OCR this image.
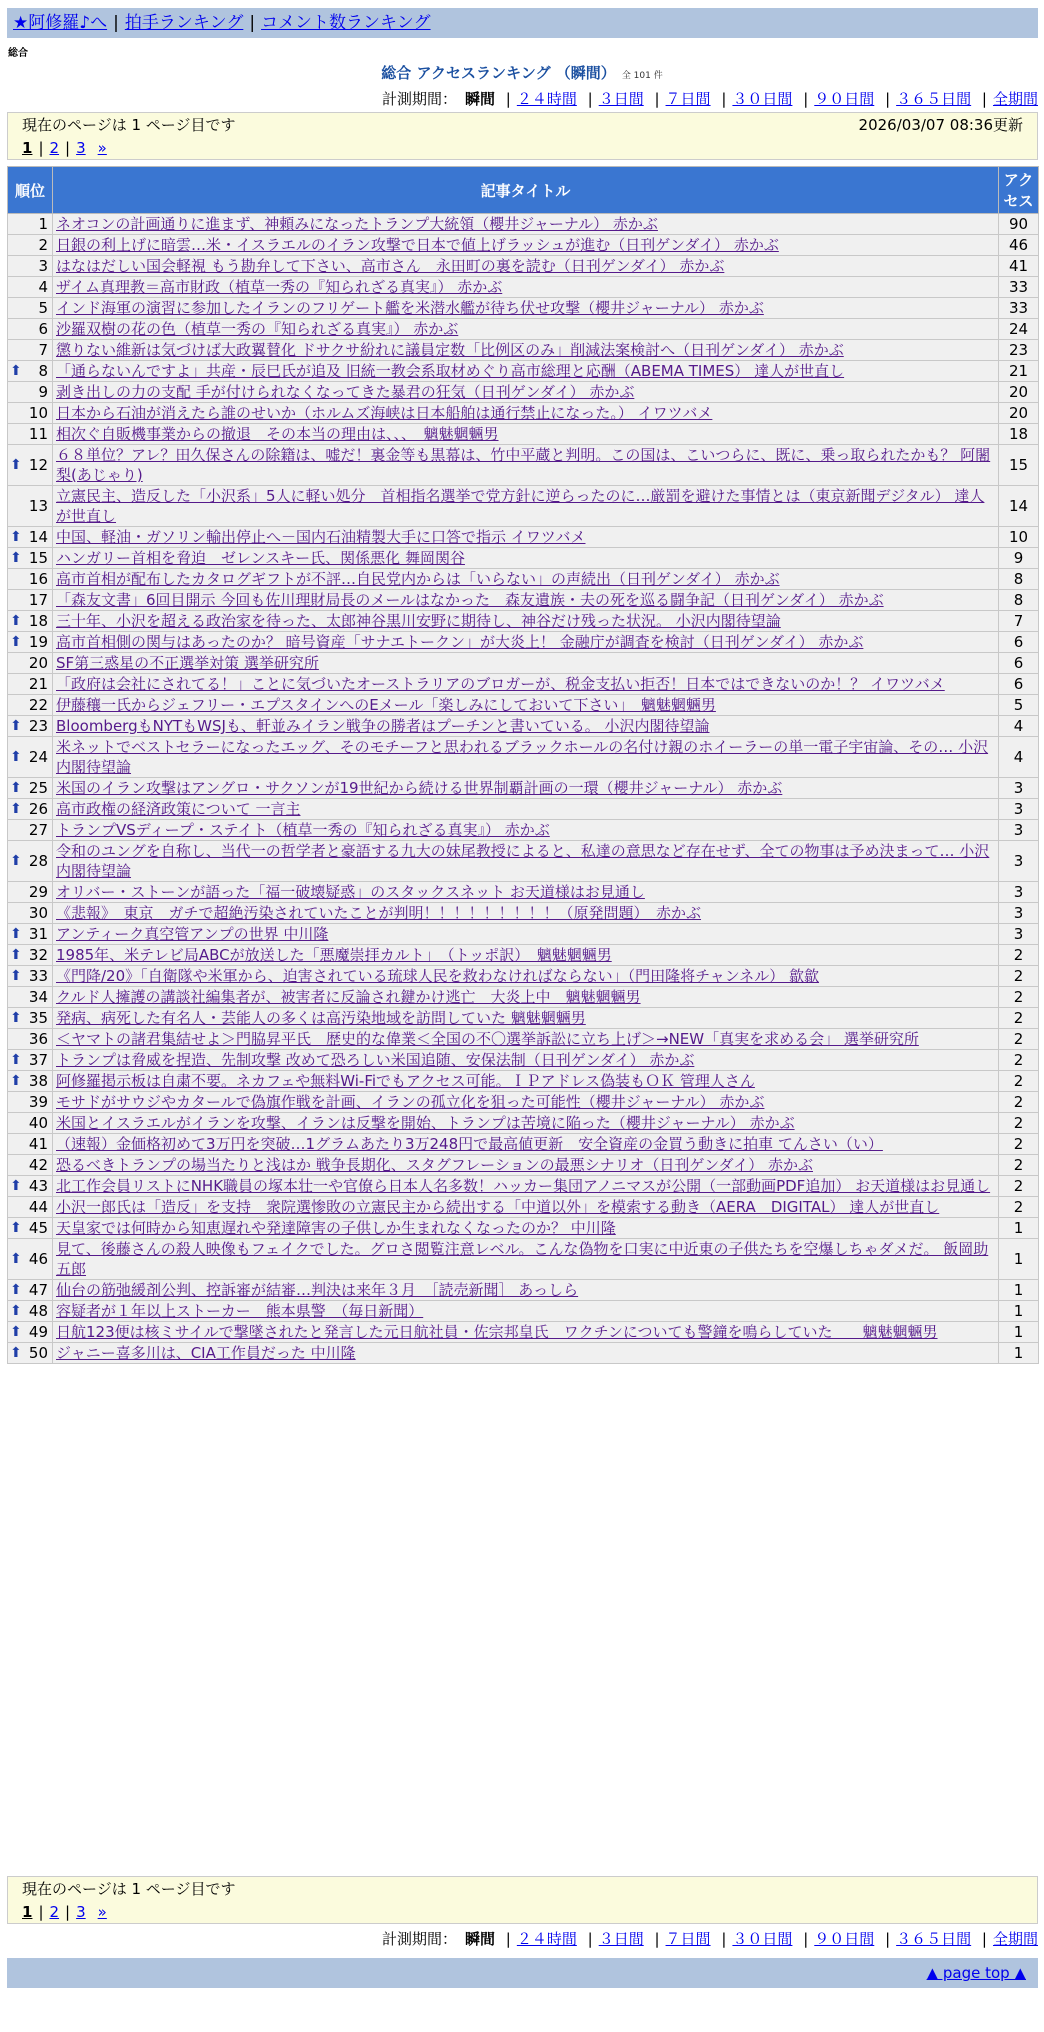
★阿修羅♪へ | 拍手ランキング | コメント数ランキング
総合
総合 アクセスランキング （瞬間） 全 101 件
計測期間： 瞬間 | ２４時間 | ３日間 | ７日間 | ３０日間 | ９０日間 | ３６５日間 | 全期間
現在のページは 1 ページ目です	2026/03/07 08:36更新
1 | 2 | 3 »
順位	記事タイトル	アクセス
1	ネオコンの計画通りに進まず、神頼みになったトランプ大統領（櫻井ジャーナル） 赤かぶ	90
2	日銀の利上げに暗雲…米・イスラエルのイラン攻撃で日本で値上げラッシュが進む（日刊ゲンダイ） 赤かぶ	46
3	はなはだしい国会軽視 もう勘弁して下さい、高市さん　永田町の裏を読む（日刊ゲンダイ） 赤かぶ	41
4	ザイム真理教＝高市財政（植草一秀の『知られざる真実』） 赤かぶ	33
5	インド海軍の演習に参加したイランのフリゲート艦を米潜水艦が待ち伏せ攻撃（櫻井ジャーナル） 赤かぶ	33
6	沙羅双樹の花の色（植草一秀の『知られざる真実』） 赤かぶ	24
7	懲りない維新は気づけば大政翼賛化 ドサクサ紛れに議員定数「比例区のみ」削減法案検討へ（日刊ゲンダイ） 赤かぶ	23

⬆ 8	「通らないんですよ」共産・辰巳氏が追及 旧統一教会系取材めぐり高市総理と応酬（ABEMA TIMES） 達人が世直し	21
9	剥き出しの力の支配 手が付けられなくなってきた暴君の狂気（日刊ゲンダイ） 赤かぶ	20
10	日本から石油が消えたら誰のせいか（ホルムズ海峡は日本船舶は通行禁止になった。） イワツバメ	20
11	相次ぐ自販機事業からの撤退　その本当の理由は、、、　魑魅魍魎男	18

⬆ 12	６８単位？アレ？田久保さんの除籍は、嘘だ！裏金等も黒幕は、竹中平蔵と判明。この国は、こいつらに、既に、乗っ取られたかも？ 阿闍梨(あじゃり)	15
13	立憲民主、造反した「小沢系」5人に軽い処分　首相指名選挙で党方針に逆らったのに…厳罰を避けた事情とは（東京新聞デジタル） 達人が世直し	14

⬆ 14	中国、軽油・ガソリン輸出停止へ－国内石油精製大手に口答で指示 イワツバメ	10

⬆ 15	ハンガリー首相を脅迫　ゼレンスキー氏、関係悪化 舞岡関谷	9
16	高市首相が配布したカタログギフトが不評…自民党内からは「いらない」の声続出（日刊ゲンダイ） 赤かぶ	8
17	「森友文書」6回目開示 今回も佐川理財局長のメールはなかった　森友遺族・夫の死を巡る闘争記（日刊ゲンダイ） 赤かぶ	8

⬆ 18	三十年、小沢を超える政治家を待った、太郎神谷黒川安野に期待し、神谷だけ残った状況。 小沢内閣待望論	7

⬆ 19	高市首相側の関与はあったのか？ 暗号資産「サナエトークン」が大炎上！ 金融庁が調査を検討（日刊ゲンダイ） 赤かぶ	6
20	SF第三惑星の不正選挙対策 選挙研究所	6
21	「政府は会社にされてる！」ことに気づいたオーストラリアのブロガーが、税金支払い拒否！日本ではできないのか！？ イワツバメ	6
22	伊藤穰一氏からジェフリー・エプスタインへのEメール「楽しみにしておいて下さい」　魑魅魍魎男	5

⬆ 23	BloombergもNYTもWSJも、軒並みイラン戦争の勝者はプーチンと書いている。 小沢内閣待望論	4

⬆ 24	米ネットでベストセラーになったエッグ、そのモチーフと思われるブラックホールの名付け親のホイーラーの単一電子宇宙論、その… 小沢内閣待望論	4

⬆ 25	米国のイラン攻撃はアングロ・サクソンが19世紀から続ける世界制覇計画の一環（櫻井ジャーナル） 赤かぶ	3

⬆ 26	高市政権の経済政策について 一言主	3
27	トランプVSディープ・ステイト（植草一秀の『知られざる真実』） 赤かぶ	3

⬆ 28	令和のユングを自称し、当代一の哲学者と豪語する九大の妹尾教授によると、私達の意思など存在せず、全ての物事は予め決まって… 小沢内閣待望論	3
29	オリバー・ストーンが語った「福一破壊疑惑」のスタックスネット お天道様はお見通し	3
30	《悲報》　東京　ガチで超絶汚染されていたことが判明！！！！！！！！！（原発問題）　赤かぶ	3

⬆ 31	アンティーク真空管アンプの世界 中川隆	3

⬆ 32	1985年、米テレビ局ABCが放送した「悪魔崇拝カルト」　（トッポ訳）　魑魅魍魎男	2

⬆ 33	《門降/20》「自衛隊や米軍から、迫害されている琉球人民を救わなければならない」（門田隆将チャンネル） 歙歙	2
34	クルド人擁護の講談社編集者が、被害者に反論され鍵かけ逃亡　大炎上中　魑魅魍魎男	2

⬆ 35	発病、病死した有名人・芸能人の多くは高汚染地域を訪問していた 魑魅魍魎男	2
36	＜ヤマトの諸君集結せよ＞門脇昇平氏　歴史的な偉業＜全国の不〇選挙訴訟に立ち上げ＞→NEW「真実を求める会」 選挙研究所	2

⬆ 37	トランプは脅威を捏造、先制攻撃 改めて恐ろしい米国追随、安保法制（日刊ゲンダイ） 赤かぶ	2

⬆ 38	阿修羅掲示板は自粛不要。ネカフェや無料Wi-Fiでもアクセス可能。ＩＰアドレス偽装もＯＫ 管理人さん	2
39	モサドがサウジやカタールで偽旗作戦を計画、イランの孤立化を狙った可能性（櫻井ジャーナル） 赤かぶ	2
40	米国とイスラエルがイランを攻撃、イランは反撃を開始、トランプは苦境に陥った（櫻井ジャーナル） 赤かぶ	2
41	（速報）金価格初めて3万円を突破…1グラムあたり3万248円で最高値更新　安全資産の金買う動きに拍車 てんさい（い）	2
42	恐るべきトランプの場当たりと浅はか 戦争長期化、スタグフレーションの最悪シナリオ（日刊ゲンダイ） 赤かぶ	2

⬆ 43	北工作会員リストにNHK職員の塚本壮一や官僚ら日本人名多数！ハッカー集団アノニマスが公開（一部動画PDF追加） お天道様はお見通し	2
44	小沢一郎氏は「造反」を支持　衆院選惨敗の立憲民主から続出する「中道以外」を模索する動き（AERA　DIGITAL） 達人が世直し	2

⬆ 45	天皇家では何時から知恵遅れや発達障害の子供しか生まれなくなったのか？ 中川隆	1

⬆ 46	見て、後藤さんの殺人映像もフェイクでした。グロさ閲覧注意レベル。こんな偽物を口実に中近東の子供たちを空爆しちゃダメだ。 飯岡助五郎	1

⬆ 47	仙台の筋弛緩剤公判、控訴審が結審…判決は来年３月　［読売新聞］ あっしら	1

⬆ 48	容疑者が１年以上ストーカー　熊本県警　（毎日新聞）	1

⬆ 49	日航123便は核ミサイルで撃墜されたと発言した元日航社員・佐宗邦皇氏　ワクチンについても警鐘を鳴らしていた　　魑魅魍魎男	1

⬆ 50	ジャニー喜多川は、CIA工作員だった 中川隆	1
計測期間： 瞬間 | ２４時間 | ３日間 | ７日間 | ３０日間 | ９０日間 | ３６５日間 | 全期間
現在のページは 1 ページ目です
1 | 2 | 3 »
▲ page top ▲
